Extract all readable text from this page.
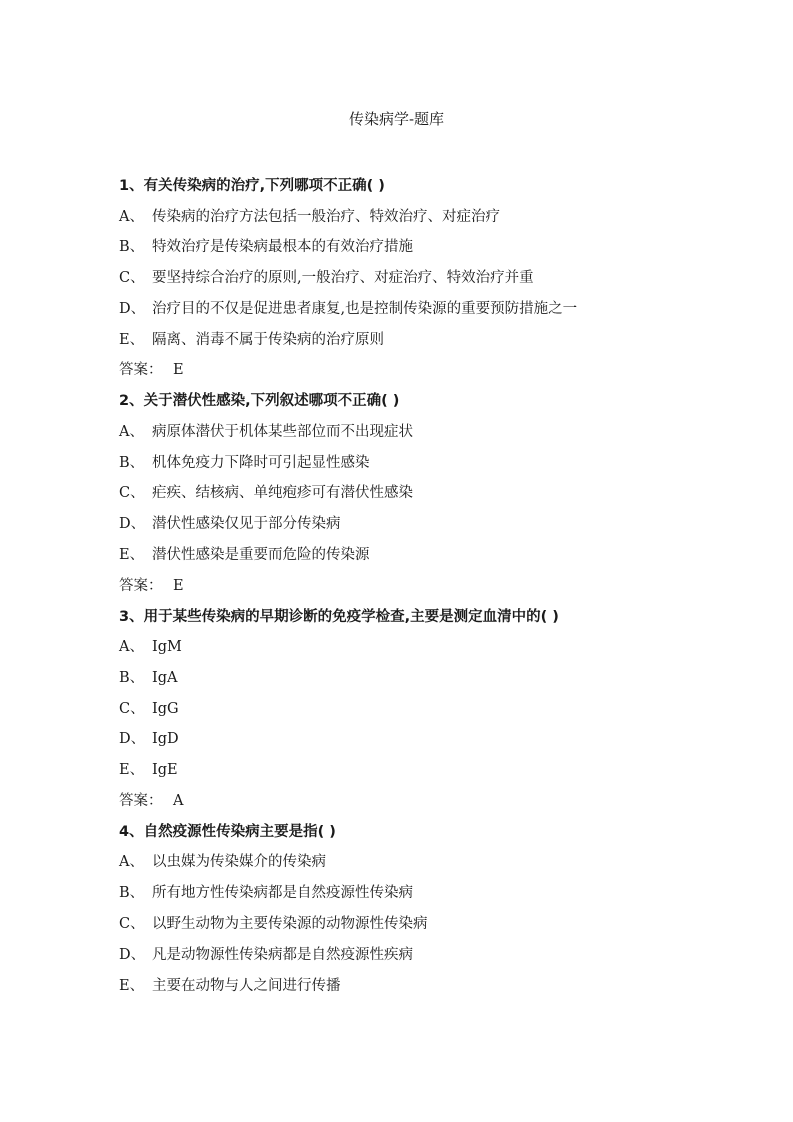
传染病学-题库
1、有关传染病的治疗,下列哪项不正确( )
A、 传染病的治疗方法包括一般治疗、特效治疗、对症治疗
B、 特效治疗是传染病最根本的有效治疗措施
C、 要坚持综合治疗的原则,一般治疗、对症治疗、特效治疗并重
D、 治疗目的不仅是促进患者康复,也是控制传染源的重要预防措施之一
E、 隔离、消毒不属于传染病的治疗原则
答案： E
2、关于潜伏性感染,下列叙述哪项不正确( )
A、 病原体潜伏于机体某些部位而不出现症状
B、 机体免疫力下降时可引起显性感染
C、 疟疾、结核病、单纯疱疹可有潜伏性感染
D、 潜伏性感染仅见于部分传染病
E、 潜伏性感染是重要而危险的传染源
答案： E
3、用于某些传染病的早期诊断的免疫学检查,主要是测定血清中的( )
A、 IgM
B、 IgA
C、 IgG
D、 IgD
E、 IgE
答案： A
4、自然疫源性传染病主要是指( )
A、 以虫媒为传染媒介的传染病
B、 所有地方性传染病都是自然疫源性传染病
C、 以野生动物为主要传染源的动物源性传染病
D、 凡是动物源性传染病都是自然疫源性疾病
E、 主要在动物与人之间进行传播
